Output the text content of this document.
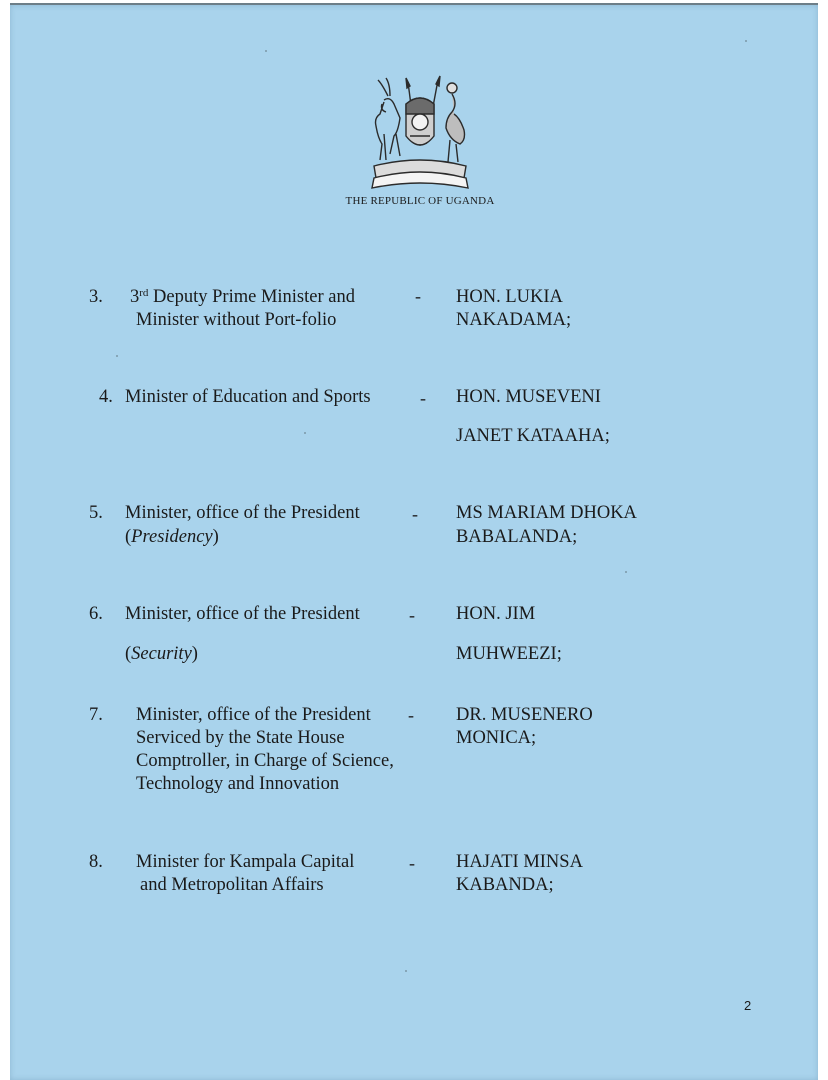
THE REPUBLIC OF UGANDA
3. 3rd Deputy Prime Minister and
Minister without Port-folio
- HON. LUKIA
NAKADAMA;
4. Minister of Education and Sports	- HON. MUSEVENI
JANET KATAAHA;
5. Minister, office of the President
(Presidency)
- MS MARIAM DHOKA
BABALANDA;
6. Minister, office of the President
(Security)
- HON. JIM
MUHWEEZI;
7. Minister, office of the President
Serviced by the State House
Comptroller, in Charge of Science,
Technology and Innovation
- DR. MUSENERO
MONICA;
8. Minister for Kampala Capital
and Metropolitan Affairs
- HAJATI MINSA
KABANDA;
2
